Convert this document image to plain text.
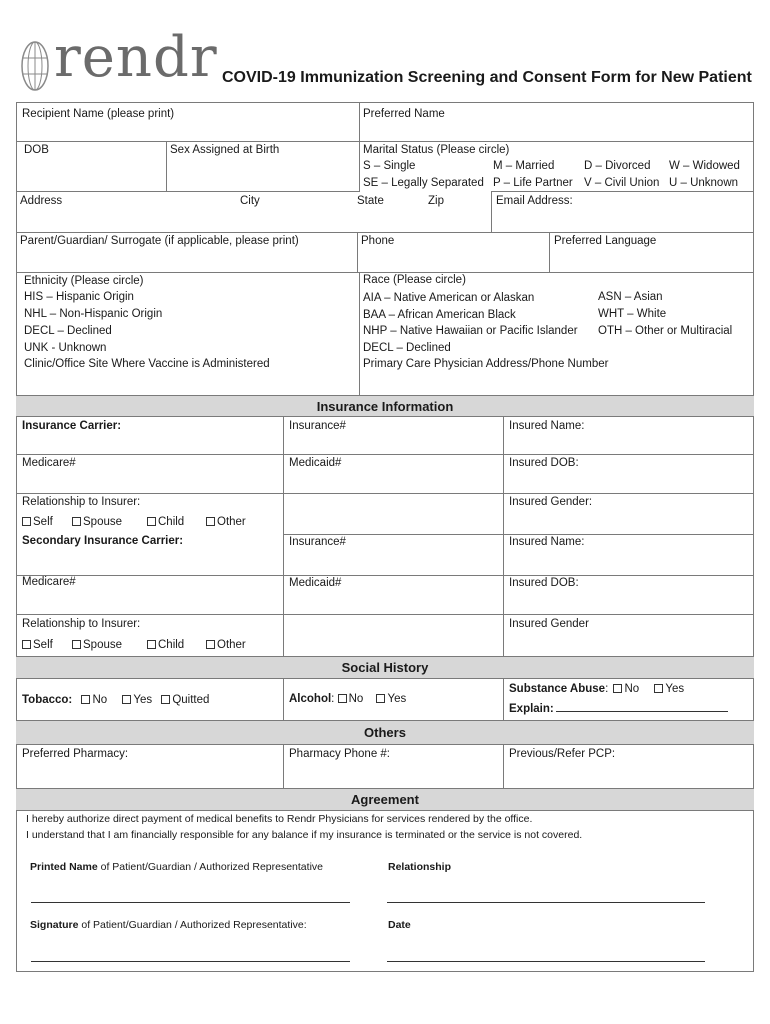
rendr COVID-19 Immunization Screening and Consent Form for New Patient
Insurance Information
Social History
Others
Agreement
Recipient Name (please print)	Preferred Name
DOB	Sex Assigned at Birth	Marital Status (Please circle)
S – Single	M – Married	D – Divorced W – Widowed
SE – Legally Separated P – Life Partner V – Civil Union U – Unknown
Address	City	State	Zip	Email Address:
Parent/Guardian/ Surrogate (if applicable, please print)	Phone	Preferred Language
Ethnicity (Please circle)
HIS – Hispanic Origin
NHL – Non-Hispanic Origin
DECL – Declined
UNK - Unknown
Clinic/Office Site Where Vaccine is Administered
Race (Please circle)
AIA – Native American or Alaskan
BAA – African American Black
NHP – Native Hawaiian or Pacific Islander
DECL – Declined
ASN – Asian
WHT – White
OTH – Other or Multiracial
Primary Care Physician Address/Phone Number
Insurance Carrier:	Insurance#	Insured Name:
Medicare#	Medicaid#	Insured DOB:
Relationship to Insurer:	Insured Gender:
Self	Spouse	Child	Other
Secondary Insurance Carrier:	Insurance#	Insured Name:
Medicare#	Medicaid#	Insured DOB:
Relationship to Insurer:	Insured Gender
Self	Spouse	Child	Other
Tobacco: No Yes Quitted	Alcohol: No Yes
Substance Abuse: No Yes
Explain:
Preferred Pharmacy:	Pharmacy Phone #:	Previous/Refer PCP:
I hereby authorize direct payment of medical benefits to Rendr Physicians for services rendered by the office.
I understand that I am financially responsible for any balance if my insurance is terminated or the service is not covered.
Printed Name of Patient/Guardian / Authorized Representative	Relationship
Signature of Patient/Guardian / Authorized Representative:	Date
